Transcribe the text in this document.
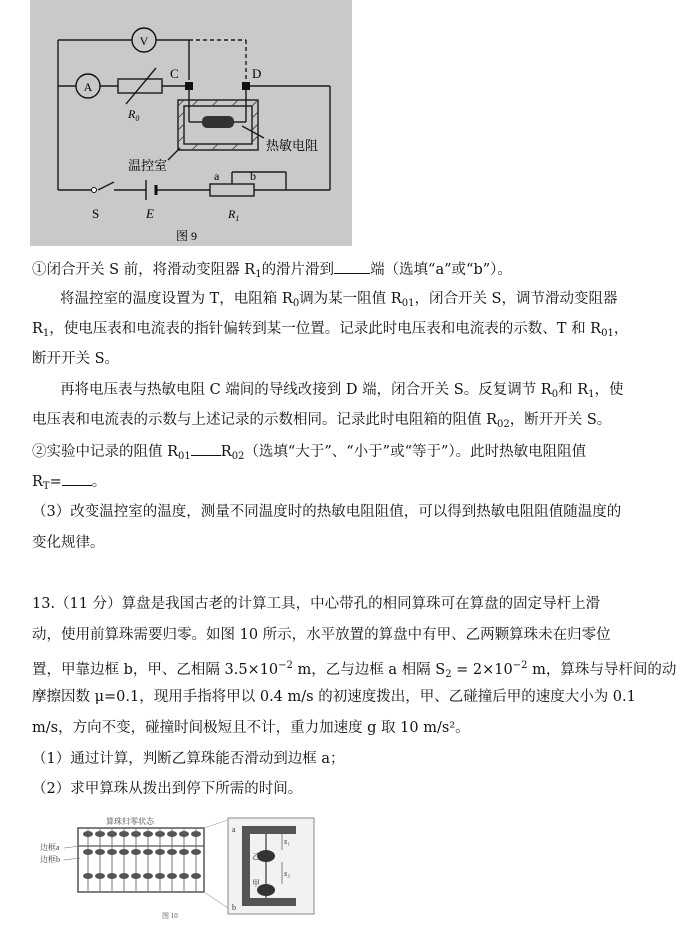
V
A
$R_0$
C	D
温控室
热敏电阻
S	E
a	b
$R_1$
图 9
①闭合开关 S 前，将滑动变阻器 $R_1$的滑片滑到 端（选填“a”或“b”）。
将温控室的温度设置为 T，电阻箱 $R_0$调为某一阻值 $R_{01}$，闭合开关 S，调节滑动变阻器
$R_1$，使电压表和电流表的指针偏转到某一位置。记录此时电压表和电流表的示数、T 和 $R_{01}$，
断开开关 S。
再将电压表与热敏电阻 C 端间的导线改接到 D 端，闭合开关 S。反复调节 $R_0$和 $R_1$，使
电压表和电流表的示数与上述记录的示数相同。记录此时电阻箱的阻值 $R_{02}$，断开开关 S。
②实验中记录的阻值 $R_{01}$ $R_{02}$（选填“大于”、“小于”或“等于”）。此时热敏电阻阻值
$R_T=$ 。
（3）改变温控室的温度，测量不同温度时的热敏电阻阻值，可以得到热敏电阻阻值随温度的
变化规律。
13.（11 分）算盘是我国古老的计算工具，中心带孔的相同算珠可在算盘的固定导杆上滑
动，使用前算珠需要归零。如图 10 所示，水平放置的算盘中有甲、乙两颗算珠未在归零位
置，甲靠边框 b，甲、乙相隔 $3.5\times 10^{-2}$ m，乙与边框 a 相隔 $S_2 = 2\times 10^{-2}$ m，算珠与导杆间的动
摩擦因数 μ=0.1，现用手指将甲以 0.4 m/s 的初速度拨出，甲、乙碰撞后甲的速度大小为 0.1
m/s，方向不变，碰撞时间极短且不计，重力加速度 g 取 10 m/s²。
（1）通过计算，判断乙算珠能否滑动到边框 a；
（2）求甲算珠从拨出到停下所需的时间。
算珠归零状态
边框a
边框b
a
b
s₁
s₂
乙
甲
图 10
